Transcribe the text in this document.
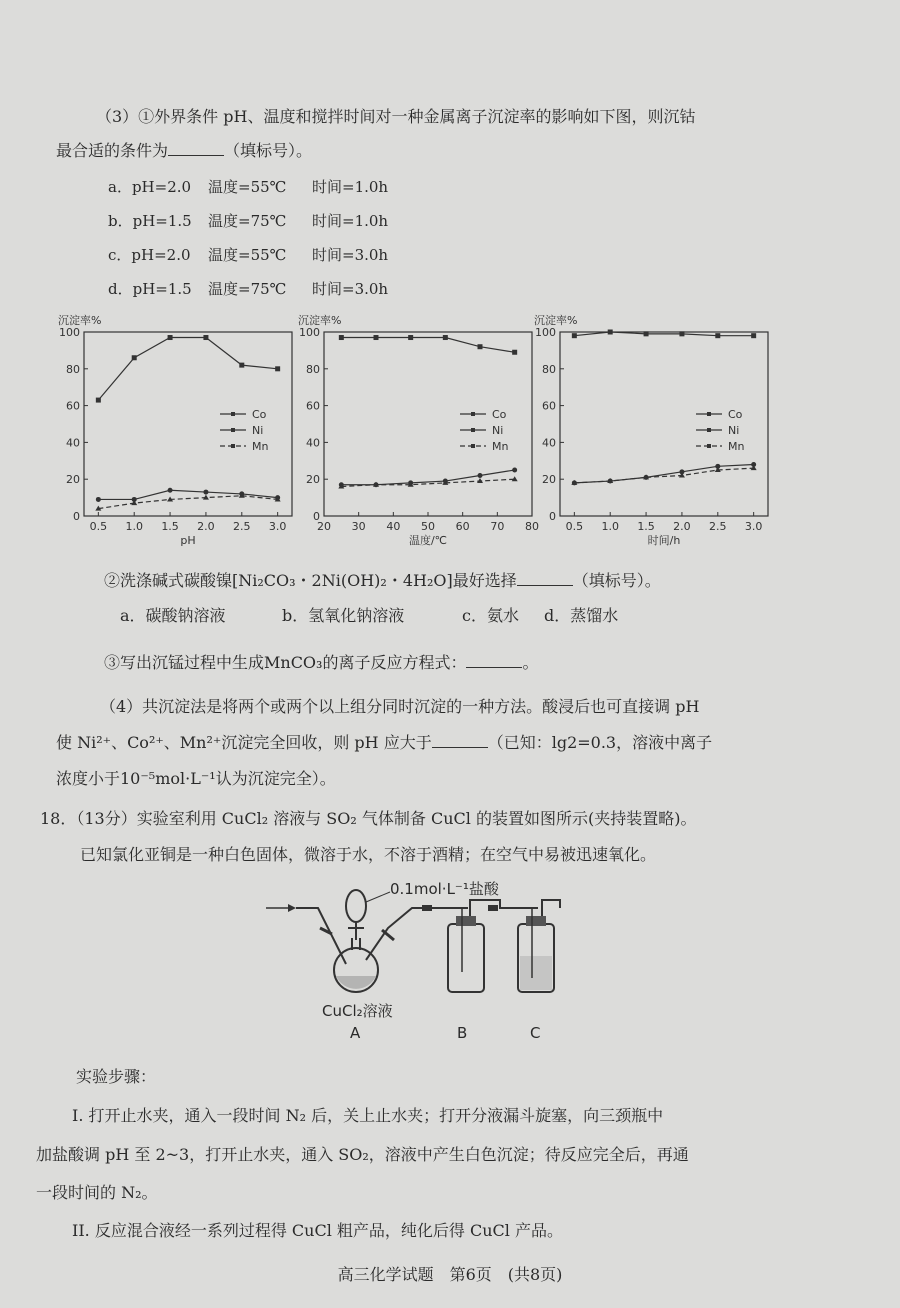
（3）①外界条件 pH、温度和搅拌时间对一种金属离子沉淀率的影响如下图，则沉钴
最合适的条件为	（填标号）。
a．pH=2.0 温度=55℃ 时间=1.0h
b．pH=1.5 温度=75℃ 时间=1.0h
c．pH=2.0 温度=55℃ 时间=3.0h
d．pH=1.5 温度=75℃ 时间=3.0h
沉淀率%
0
20
40
60
80
100
0.5 1.0 1.5 2.0 2.5 3.0
pH
Co
Ni
Mn
沉淀率%
0
20
40
60
80
100
20 30 40 50 60 70 80
温度/℃
Co
Ni
Mn
沉淀率%
0
20
40
60
80
100
0.5 1.0 1.5 2.0 2.5 3.0
时间/h
Co
Ni
Mn
②洗涤碱式碳酸镍[Ni₂CO₃・2Ni(OH)₂・4H₂O]最好选择	（填标号）。
a．碳酸钠溶液	b．氢氧化钠溶液	c．氨水 d．蒸馏水
③写出沉锰过程中生成MnCO₃的离子反应方程式：	。
（4）共沉淀法是将两个或两个以上组分同时沉淀的一种方法。酸浸后也可直接调 pH
使 Ni²⁺、Co²⁺、Mn²⁺沉淀完全回收，则 pH 应大于	（已知：lg2=0.3，溶液中离子
浓度小于10⁻⁵mol·L⁻¹认为沉淀完全）。
18．（13分）实验室利用 CuCl₂ 溶液与 SO₂ 气体制备 CuCl 的装置如图所示(夹持装置略)。
已知氯化亚铜是一种白色固体，微溶于水，不溶于酒精；在空气中易被迅速氧化。
0.1mol·L⁻¹盐酸
CuCl₂溶液
A	B	C
实验步骤：
I. 打开止水夹，通入一段时间 N₂ 后，关上止水夹；打开分液漏斗旋塞，向三颈瓶中
加盐酸调 pH 至 2~3，打开止水夹，通入 SO₂，溶液中产生白色沉淀；待反应完全后，再通
一段时间的 N₂。
II. 反应混合液经一系列过程得 CuCl 粗产品，纯化后得 CuCl 产品。
高三化学试题　第6页　(共8页)
